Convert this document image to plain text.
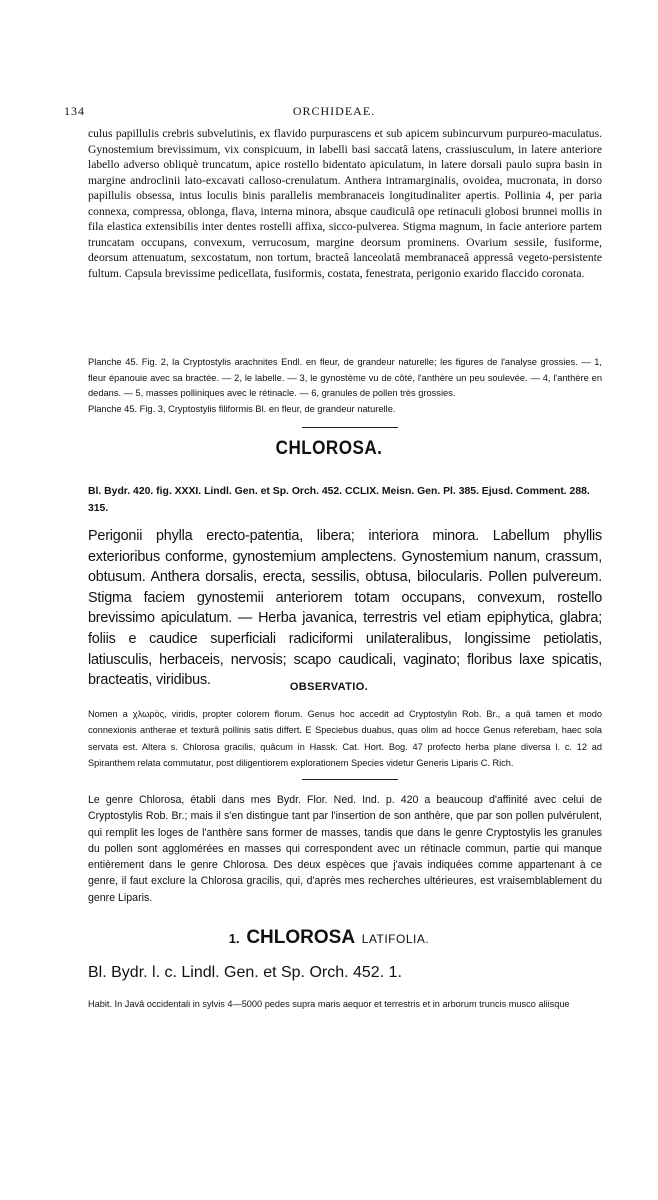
134	ORCHIDEAE.

culus papillulis crebris subvelutinis, ex flavido purpurascens et sub apicem subincurvum purpureo-maculatus. Gynostemium brevissimum, vix conspicuum, in labelli basi saccatâ latens, crassiusculum, in latere anteriore labello adverso obliquè truncatum, apice rostello bidentato apiculatum, in latere dorsali paulo supra basin in margine androclinii lato-excavati calloso-crenulatum. Anthera intramarginalis, ovoidea, mucronata, in dorso papillulis obsessa, intus loculis binis parallelis membranaceis longitudinaliter apertis. Pollinia 4, per paria connexa, compressa, oblonga, flava, interna minora, absque caudiculâ ope retinaculi globosi brunnei mollis in fila elastica extensibilis inter dentes rostelli affixa, sicco-pulverea. Stigma magnum, in facie anteriore partem truncatam occupans, convexum, verrucosum, margine deorsum prominens. Ovarium sessile, fusiforme, deorsum attenuatum, sexcostatum, non tortum, bracteâ lanceolatâ membranaceâ appressâ vegeto-persistente fultum. Capsula brevissime pedicellata, fusiformis, costata, fenestrata, perigonio exarido flaccido coronata.

Planche 45. Fig. 2, la Cryptostylis arachnites Endl. en fleur, de grandeur naturelle; les figures de l'analyse grossies. — 1, fleur épanouie avec sa bractée. — 2, le labelle. — 3, le gynostème vu de côté, l'anthère un peu soulevée. — 4, l'anthère en dedans. — 5, masses polliniques avec le rétinacle. — 6, granules de pollen très grossies.
Planche 45. Fig. 3, Cryptostylis filiformis Bl. en fleur, de grandeur naturelle.
CHLOROSA.

Bl. Bydr. 420. fig. XXXI. Lindl. Gen. et Sp. Orch. 452. CCLIX. Meisn. Gen. Pl. 385. Ejusd. Comment. 288. 315.

Perigonii phylla erecto-patentia, libera; interiora minora. Labellum phyllis exterioribus conforme, gynostemium amplectens. Gynostemium nanum, crassum, obtusum. Anthera dorsalis, erecta, sessilis, obtusa, bilocularis. Pollen pulvereum. Stigma faciem gynostemii anteriorem totam occupans, convexum, rostello brevissimo apiculatum. — Herba javanica, terrestris vel etiam epiphytica, glabra; foliis e caudice superficiali radiciformi unilateralibus, longissime petiolatis, latiusculis, herbaceis, nervosis; scapo caudicali, vaginato; floribus laxe spicatis, bracteatis, viridibus.	OBSERVATIO.

Nomen a χλωρὸς, viridis, propter colorem florum. Genus hoc accedit ad Cryptostylin Rob. Br., a quâ tamen et modo connexionis antherae et texturâ pollinis satis differt. E Speciebus duabus, quas olim ad hocce Genus referebam, haec sola servata est. Altera s. Chlorosa gracilis, quâcum in Hassk. Cat. Hort. Bog. 47 profecto herba plane diversa l. c. 12 ad Spiranthem relata commutatur, post diligentiorem explorationem Species videtur Generis Liparis C. Rich.

Le genre Chlorosa, établi dans mes Bydr. Flor. Ned. Ind. p. 420 a beaucoup d'affinité avec celui de Cryptostylis Rob. Br.; mais il s'en distingue tant par l'insertion de son anthère, que par son pollen pulvérulent, qui remplit les loges de l'anthère sans former de masses, tandis que dans le genre Cryptostylis les granules du pollen sont agglomérées en masses qui correspondent avec un rétinacle commun, partie qui manque entièrement dans le genre Chlorosa. Des deux espèces que j'avais indiquées comme appartenant à ce genre, il faut exclure la Chlorosa gracilis, qui, d'après mes recherches ultérieures, est vraisemblablement du genre Liparis.

1. CHLOROSA LATIFOLIA.

Bl. Bydr. l. c. Lindl. Gen. et Sp. Orch. 452. 1.

Habit. In Javâ occidentali in sylvis 4—5000 pedes supra maris aequor et terrestris et in arborum truncis musco aliisque
